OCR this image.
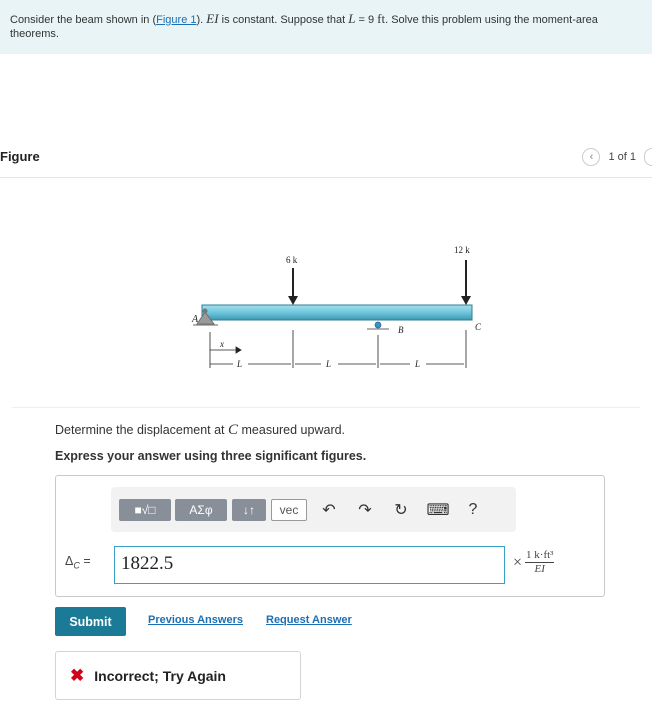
Consider the beam shown in (Figure 1). EI is constant. Suppose that L = 9 ft. Solve this problem using the moment-area theorems.
Figure	‹ 1 of 1
6 k
12 k
A
B	C
x
L	L	L
Determine the displacement at C measured upward.
Express your answer using three significant figures.
■√□	ΑΣφ	↓↑	vec	↶ ↷ ↻ ⌨	?
$\Delta_C$ =	1822.5	× $\frac{\text{1 k·ft³}}{EI}$
Submit	Previous Answers Request Answer
✖ Incorrect; Try Again
